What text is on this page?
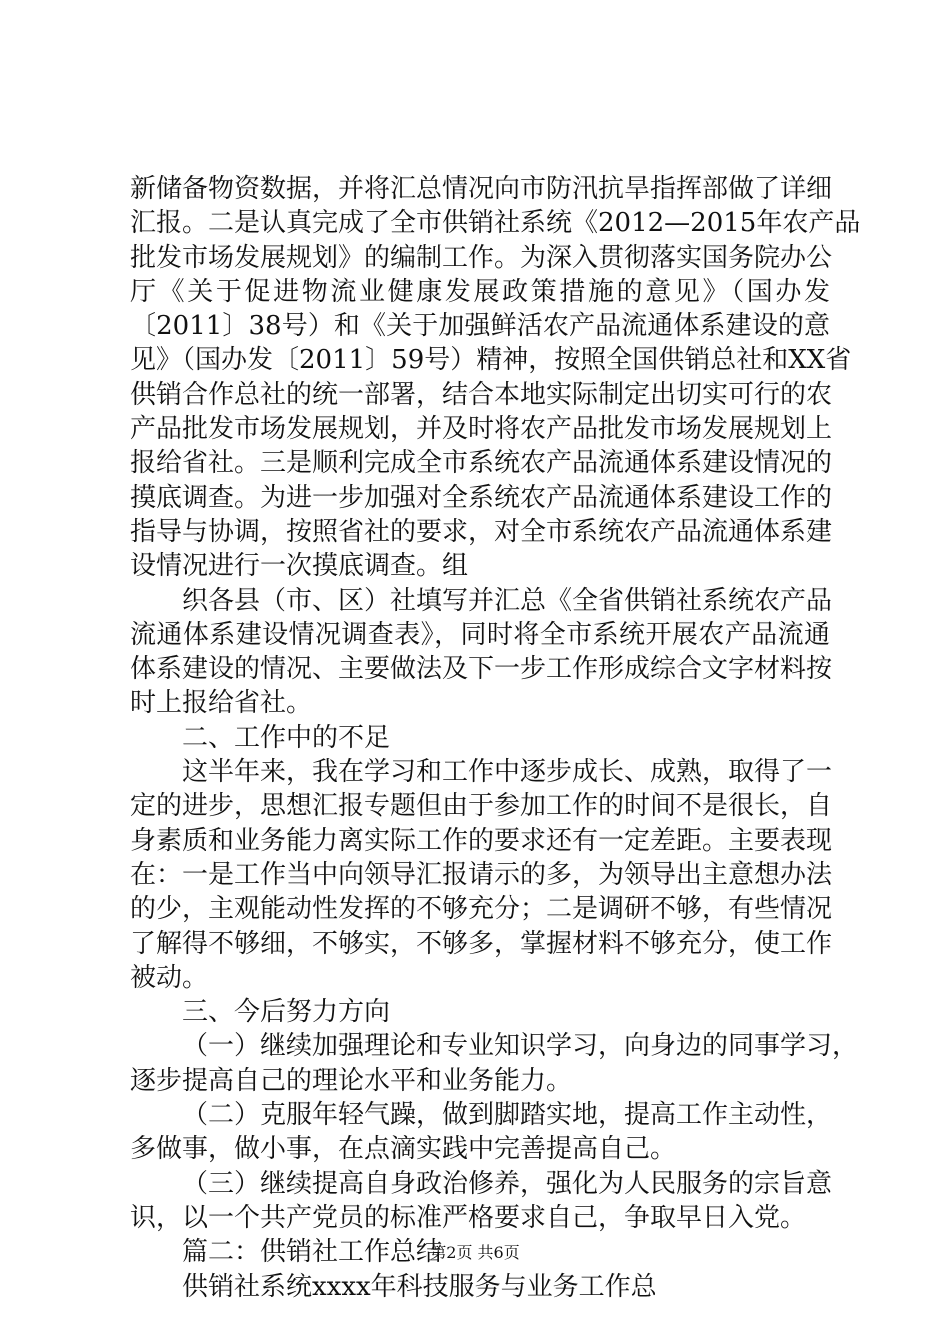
新储备物资数据，并将汇总情况向市防汛抗旱指挥部做了详细
汇报。二是认真完成了全市供销社系统《2012—2015年农产品
批发市场发展规划》的编制工作。为深入贯彻落实国务院办公
厅《关于促进物流业健康发展政策措施的意见》（国办发
〔2011〕38号）和《关于加强鲜活农产品流通体系建设的意
见》（国办发〔2011〕59号）精神，按照全国供销总社和XX省
供销合作总社的统一部署，结合本地实际制定出切实可行的农
产品批发市场发展规划，并及时将农产品批发市场发展规划上
报给省社。三是顺利完成全市系统农产品流通体系建设情况的
摸底调查。为进一步加强对全系统农产品流通体系建设工作的
指导与协调，按照省社的要求，对全市系统农产品流通体系建
设情况进行一次摸底调查。组
织各县（市、区）社填写并汇总《全省供销社系统农产品
流通体系建设情况调查表》，同时将全市系统开展农产品流通
体系建设的情况、主要做法及下一步工作形成综合文字材料按
时上报给省社。
二、工作中的不足
这半年来，我在学习和工作中逐步成长、成熟，取得了一
定的进步，思想汇报专题但由于参加工作的时间不是很长，自
身素质和业务能力离实际工作的要求还有一定差距。主要表现
在：一是工作当中向领导汇报请示的多，为领导出主意想办法
的少，主观能动性发挥的不够充分；二是调研不够，有些情况
了解得不够细，不够实，不够多，掌握材料不够充分，使工作
被动。
三、今后努力方向
（一）继续加强理论和专业知识学习，向身边的同事学习，
逐步提高自己的理论水平和业务能力。
（二）克服年轻气躁，做到脚踏实地，提高工作主动性，
多做事，做小事，在点滴实践中完善提高自己。
（三）继续提高自身政治修养，强化为人民服务的宗旨意
识，以一个共产党员的标准严格要求自己，争取早日入党。
篇二：供销社工作总结
供销社系统xxxx年科技服务与业务工作总
第2页 共6页
